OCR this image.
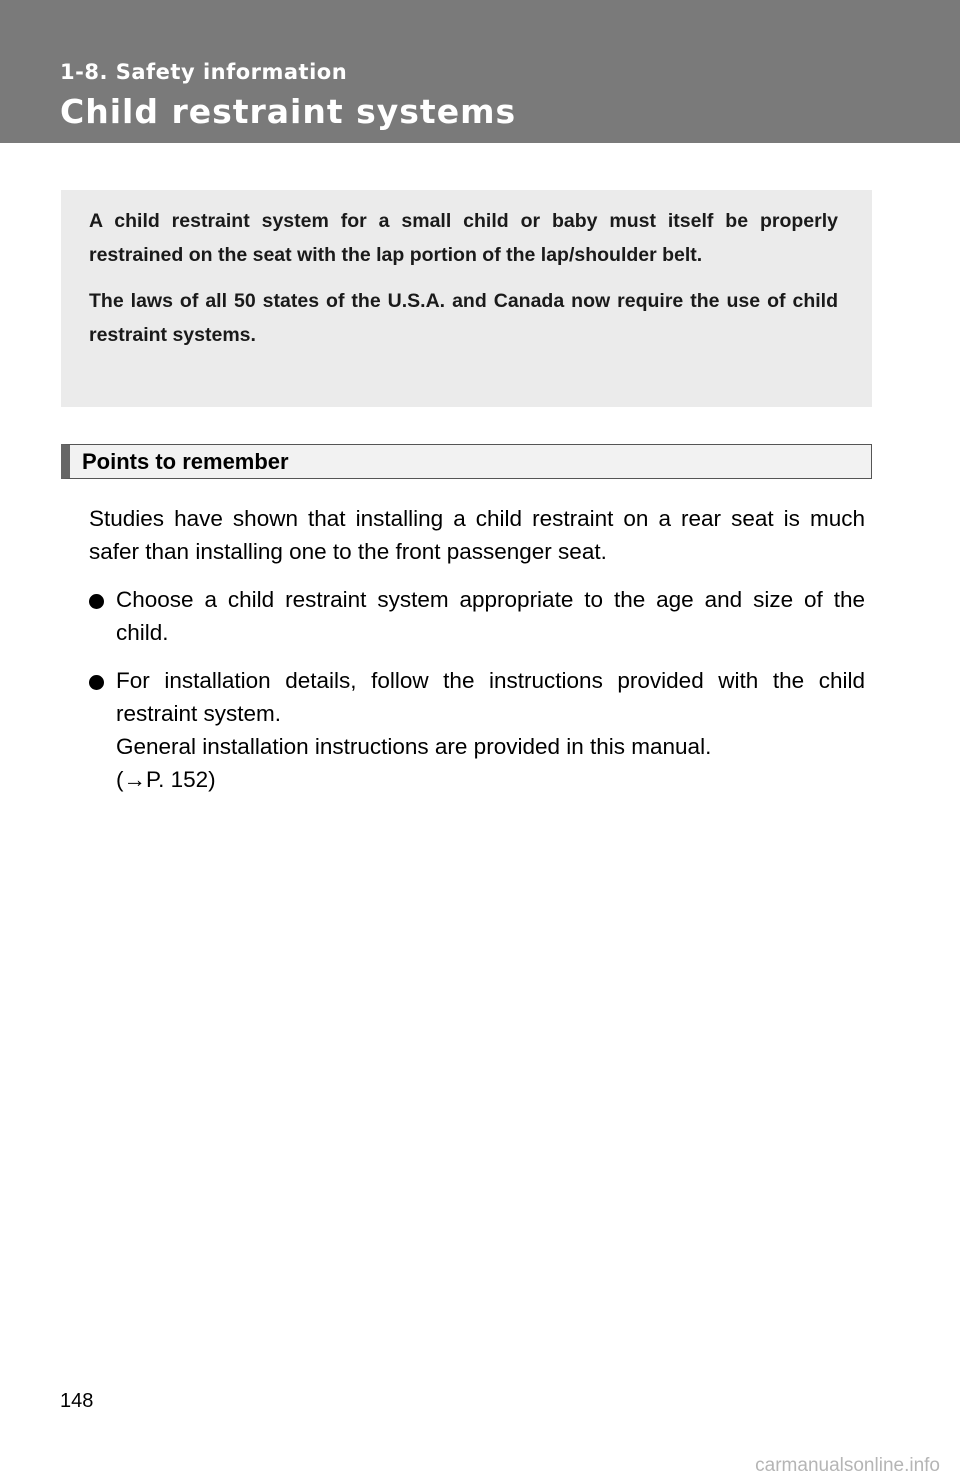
1-8. Safety information
Child restraint systems

A child restraint system for a small child or baby must itself be properly restrained on the seat with the lap portion of the lap/shoulder belt.

The laws of all 50 states of the U.S.A. and Canada now require the use of child restraint systems.

Points to remember

Studies have shown that installing a child restraint on a rear seat is much safer than installing one to the front passenger seat.

Choose a child restraint system appropriate to the age and size of the child.
For installation details, follow the instructions provided with the child restraint system.
General installation instructions are provided in this manual.
(→P. 152)
148
carmanualsonline.info
